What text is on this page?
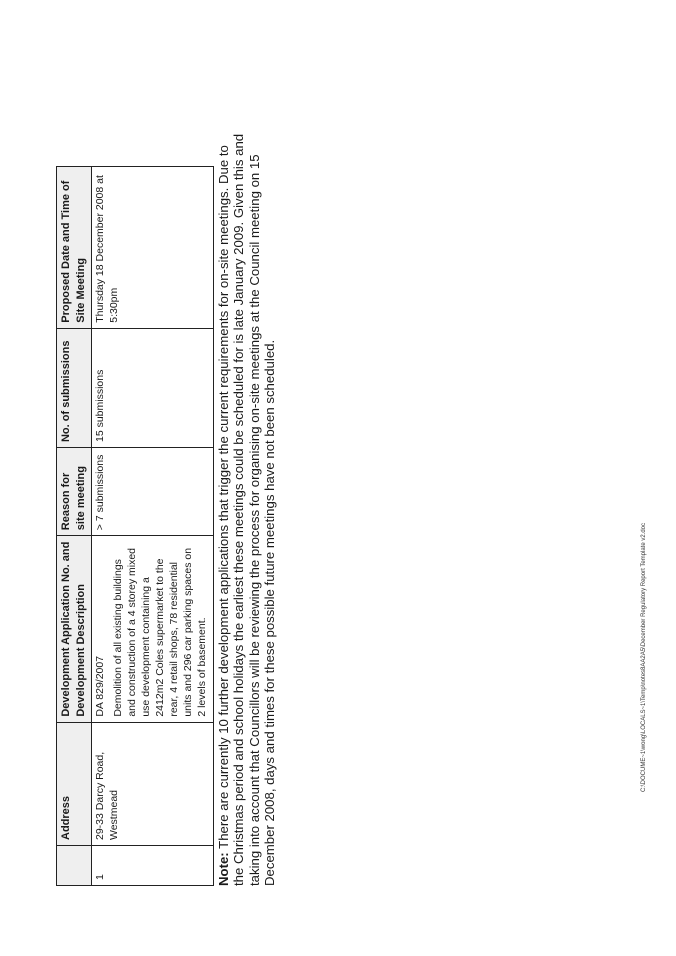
	Address	Development Application No. and Development Description	Reason for site meeting	No. of submissions	Proposed Date and Time of Site Meeting
1	29-33 Darcy Road, Westmead	DA 829/2007 Demolition of all existing buildings and construction of a 4 storey mixed use development containing a 2412m2 Coles supermarket to the rear, 4 retail shops, 78 residential units and 296 car parking spaces on 2 levels of basement.	> 7 submissions	15 submissions	Thursday 18 December 2008 at 5:30pm
Note: There are currently 10 further development applications that trigger the current requirements for on-site meetings. Due to the Christmas period and school holidays the earliest these meetings could be scheduled for is late January 2009. Given this and taking into account that Councillors will be reviewing the process for organising on-site meetings at the Council meeting on 15 December 2008, days and times for these possible future meetings have not been scheduled.	C:\DOCUME~1\wong\LOCALS~1\Temp\notes8AA2A5\December Regulatory Report Template v2.doc
